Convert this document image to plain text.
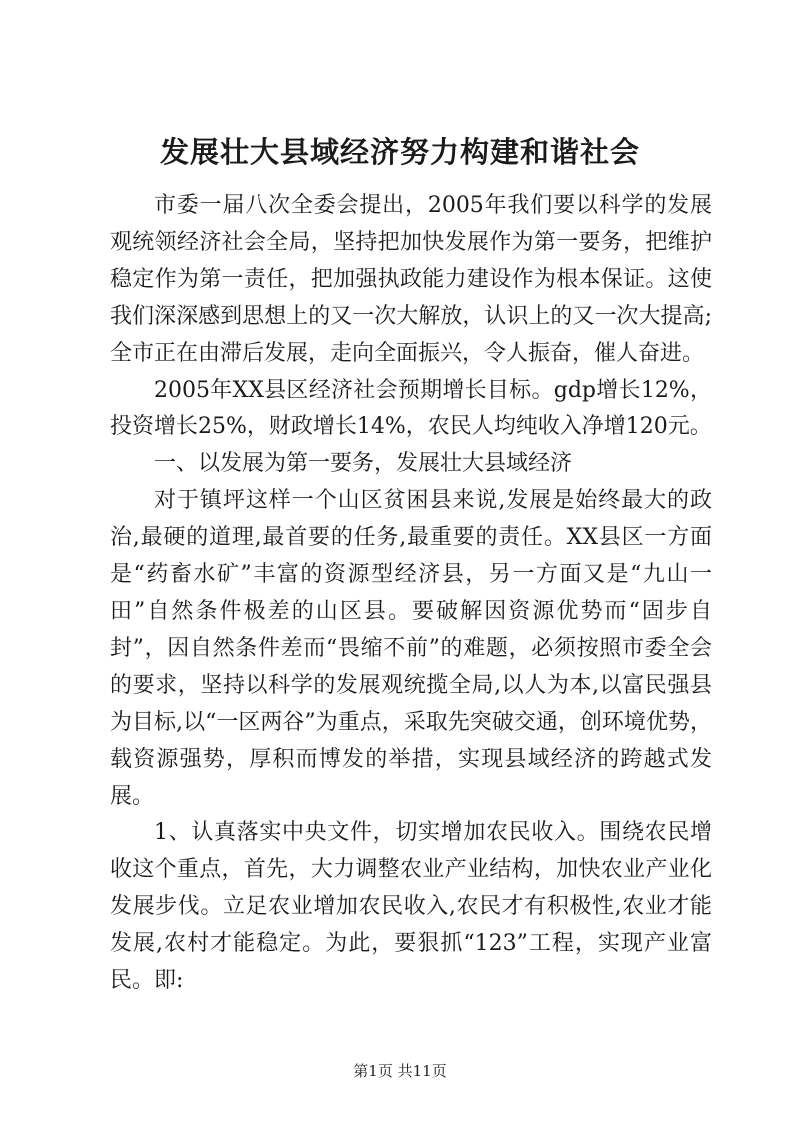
发展壮大县域经济努力构建和谐社会

市委一届八次全委会提出，2005年我们要以科学的发展观统领经济社会全局，坚持把加快发展作为第一要务，把维护稳定作为第一责任，把加强执政能力建设作为根本保证。这使我们深深感到思想上的又一次大解放，认识上的又一次大提高;全市正在由滞后发展，走向全面振兴，令人振奋，催人奋进。

2005年XX县区经济社会预期增长目标。gdp增长12%，投资增长25%，财政增长14%，农民人均纯收入净增120元。

一、以发展为第一要务，发展壮大县域经济

对于镇坪这样一个山区贫困县来说,发展是始终最大的政治,最硬的道理,最首要的任务,最重要的责任。XX县区一方面是“药畜水矿”丰富的资源型经济县，另一方面又是“九山一田”自然条件极差的山区县。要破解因资源优势而“固步自封”，因自然条件差而“畏缩不前”的难题，必须按照市委全会的要求，坚持以科学的发展观统揽全局,以人为本,以富民强县为目标,以“一区两谷”为重点，采取先突破交通，创环境优势，载资源强势，厚积而博发的举措，实现县域经济的跨越式发展。

1、认真落实中央文件，切实增加农民收入。围绕农民增收这个重点，首先，大力调整农业产业结构，加快农业产业化发展步伐。立足农业增加农民收入,农民才有积极性,农业才能发展,农村才能稳定。为此，要狠抓“123”工程，实现产业富民。即:

第1页 共11页
